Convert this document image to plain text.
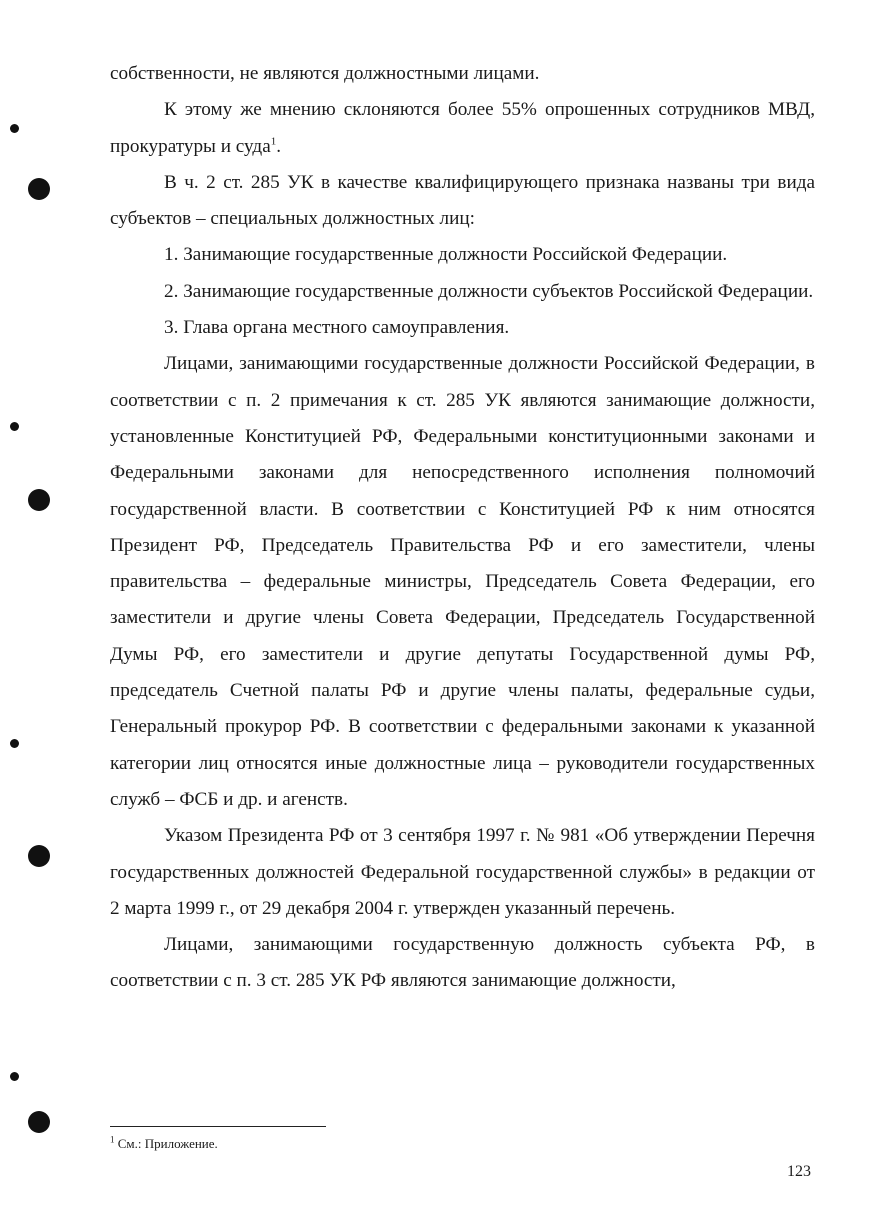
собственности, не являются должностными лицами.

К этому же мнению склоняются более 55% опрошенных сотрудников МВД, прокуратуры и суда$^1$.

В ч. 2 ст. 285 УК в качестве квалифицирующего признака названы три вида субъектов – специальных должностных лиц:

1. Занимающие государственные должности Российской Федерации.

2. Занимающие государственные должности субъектов Российской Федерации.

3. Глава органа местного самоуправления.

Лицами, занимающими государственные должности Российской Федерации, в соответствии с п. 2 примечания к ст. 285 УК являются занимающие должности, установленные Конституцией РФ, Федеральными конституционными законами и Федеральными законами для непосредственного исполнения полномочий государственной власти. В соответствии с Конституцией РФ к ним относятся Президент РФ, Председатель Правительства РФ и его заместители, члены правительства – федеральные министры, Председатель Совета Федерации, его заместители и другие члены Совета Федерации, Председатель Государственной Думы РФ, его заместители и другие депутаты Государственной думы РФ, председатель Счетной палаты РФ и другие члены палаты, федеральные судьи, Генеральный прокурор РФ. В соответствии с федеральными законами к указанной категории лиц относятся иные должностные лица – руководители государственных служб – ФСБ и др. и агенств.

Указом Президента РФ от 3 сентября 1997 г. № 981 «Об утверждении Перечня государственных должностей Федеральной государственной службы» в редакции от 2 марта 1999 г., от 29 декабря 2004 г. утвержден указанный перечень.

Лицами, занимающими государственную должность субъекта РФ, в соответствии с п. 3 ст. 285 УК РФ являются занимающие должности,

$^1$ См.: Приложение.
123
